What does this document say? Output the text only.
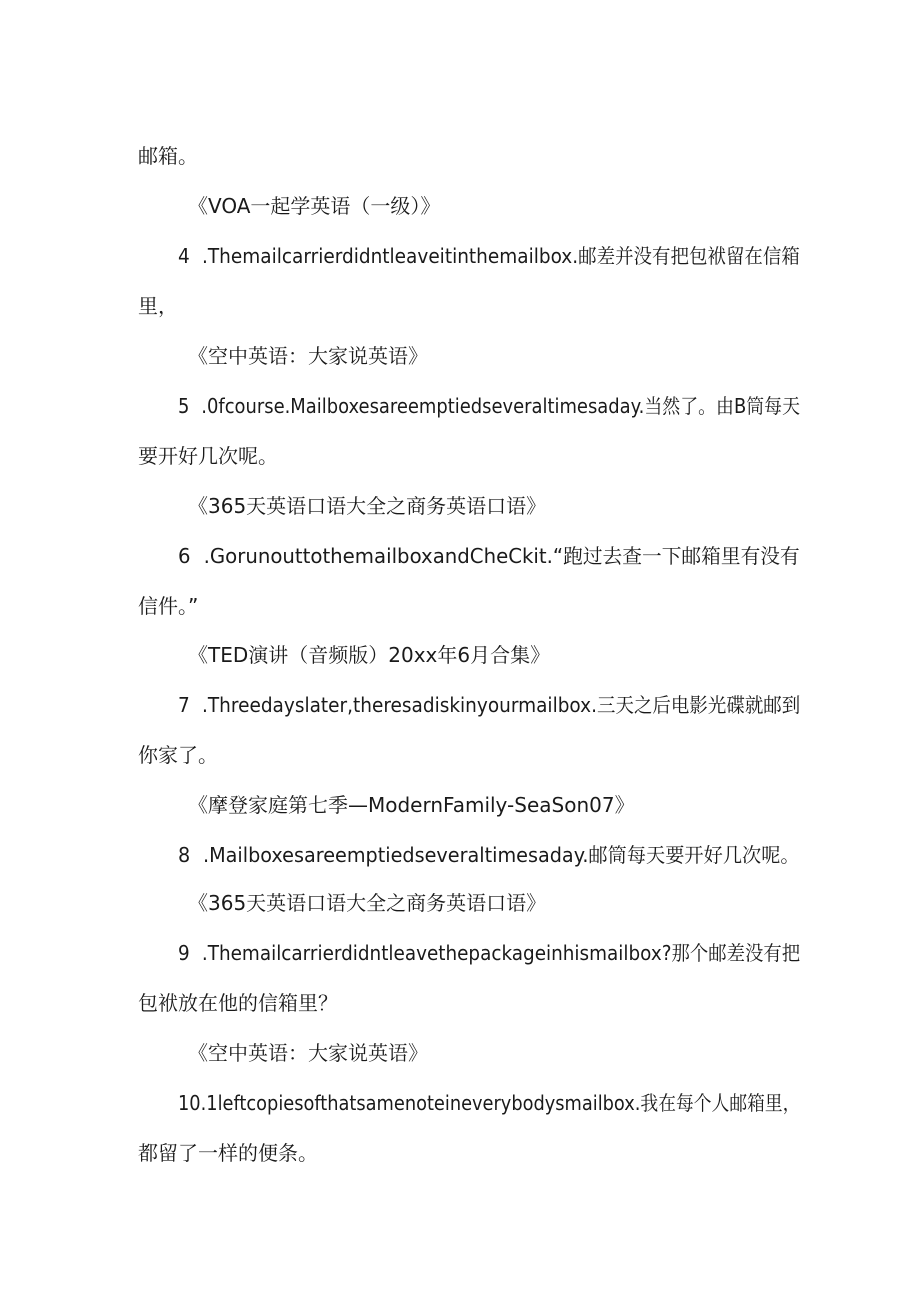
邮箱。
《VOA一起学英语（一级）》
4 .Themailcarrierdidntleaveitinthemailbox.邮差并没有把包袱留在信箱
里，
《空中英语：大家说英语》
5 .0fcourse.Mailboxesareemptiedseveraltimesaday.当然了。由B筒每天
要开好几次呢。
《365天英语口语大全之商务英语口语》
6 .GorunouttothemailboxandCheCkit.“跑过去查一下邮箱里有没有
信件。”
《TED演讲（音频版）20xx年6月合集》
7 .Threedayslater,theresadiskinyourmailbox.三天之后电影光碟就邮到
你家了。
《摩登家庭第七季—ModernFamily-SeaSon07》
8 .Mailboxesareemptiedseveraltimesaday.邮筒每天要开好几次呢。
《365天英语口语大全之商务英语口语》
9 .Themailcarrierdidntleavethepackageinhismailbox?那个邮差没有把
包袱放在他的信箱里？
《空中英语：大家说英语》
10.1leftcopiesofthatsamenoteineverybodysmailbox.我在每个人邮箱里，
都留了一样的便条。
